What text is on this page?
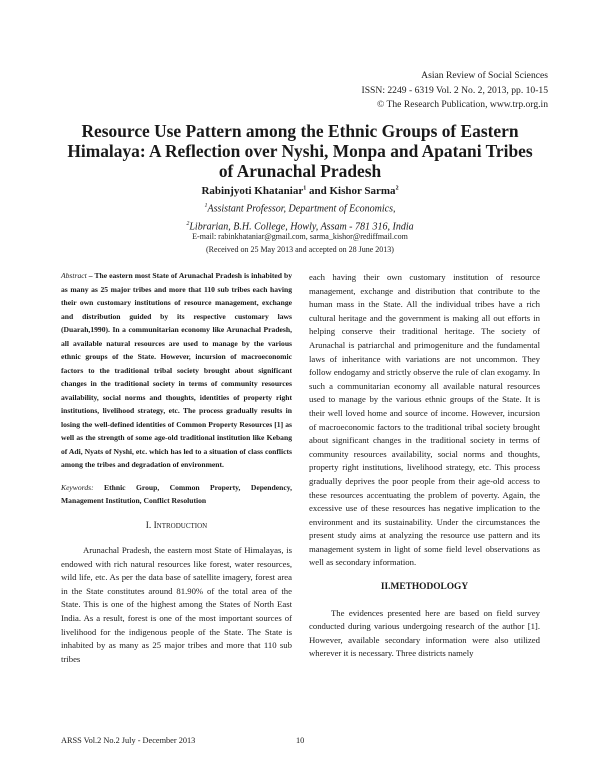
Asian Review of Social Sciences
ISSN: 2249 - 6319 Vol. 2 No. 2, 2013, pp. 10-15
© The Research Publication, www.trp.org.in
Resource Use Pattern among the Ethnic Groups of Eastern Himalaya: A Reflection over Nyshi, Monpa and Apatani Tribes of Arunachal Pradesh
Rabinjyoti Khataniar$^1$ and Kishor Sarma$^2$
$^1$Assistant Professor, Department of Economics,
$^2$Librarian, B.H. College, Howly, Assam - 781 316, India
E-mail: rabinkhataniar@gmail.com, sarma_kishor@rediffmail.com
(Received on 25 May 2013 and accepted on 28 June 2013)

Abstract – The eastern most State of Arunachal Pradesh is inhabited by as many as 25 major tribes and more that 110 sub tribes each having their own customary institutions of resource management, exchange and distribution guided by its respective customary laws (Duarah,1990). In a communitarian economy like Arunachal Pradesh, all available natural resources are used to manage by the various ethnic groups of the State. However, incursion of macroeconomic factors to the traditional tribal society brought about significant changes in the traditional society in terms of community resources availability, social norms and thoughts, identities of property right institutions, livelihood strategy, etc. The process gradually results in losing the well-defined identities of Common Property Resources [1] as well as the strength of some age-old traditional institution like Kebang of Adi, Nyats of Nyshi, etc. which has led to a situation of class conflicts among the tribes and degradation of environment.

Keywords: Ethnic Group, Common Property, Dependency, Management Institution, Conflict Resolution

I. Introduction

Arunachal Pradesh, the eastern most State of Himalayas, is endowed with rich natural resources like forest, water resources, wild life, etc. As per the data base of satellite imagery, forest area in the State constitutes around 81.90% of the total area of the State. This is one of the highest among the States of North East India. As a result, forest is one of the most important sources of livelihood for the indigenous people of the State. The State is inhabited by as many as 25 major tribes and more that 110 sub tribes

each having their own customary institution of resource management, exchange and distribution that contribute to the human mass in the State. All the individual tribes have a rich cultural heritage and the government is making all out efforts in helping conserve their traditional heritage. The society of Arunachal is patriarchal and primogeniture and the fundamental laws of inheritance with variations are not uncommon. They follow endogamy and strictly observe the rule of clan exogamy. In such a communitarian economy all available natural resources used to manage by the various ethnic groups of the State. It is their well loved home and source of income. However, incursion of macroeconomic factors to the traditional tribal society brought about significant changes in the traditional society in terms of community resources availability, social norms and thoughts, property right institutions, livelihood strategy, etc. This process gradually deprives the poor people from their age-old access to these resources accentuating the problem of poverty. Again, the excessive use of these resources has negative implication to the environment and its sustainability. Under the circumstances the present study aims at analyzing the resource use pattern and its management system in light of some field level observations as well as secondary information.

II.METHODOLOGY

The evidences presented here are based on field survey conducted during various undergoing research of the author [1]. However, available secondary information were also utilized wherever it is necessary. Three districts namely

ARSS Vol.2 No.2 July - December 2013	10
